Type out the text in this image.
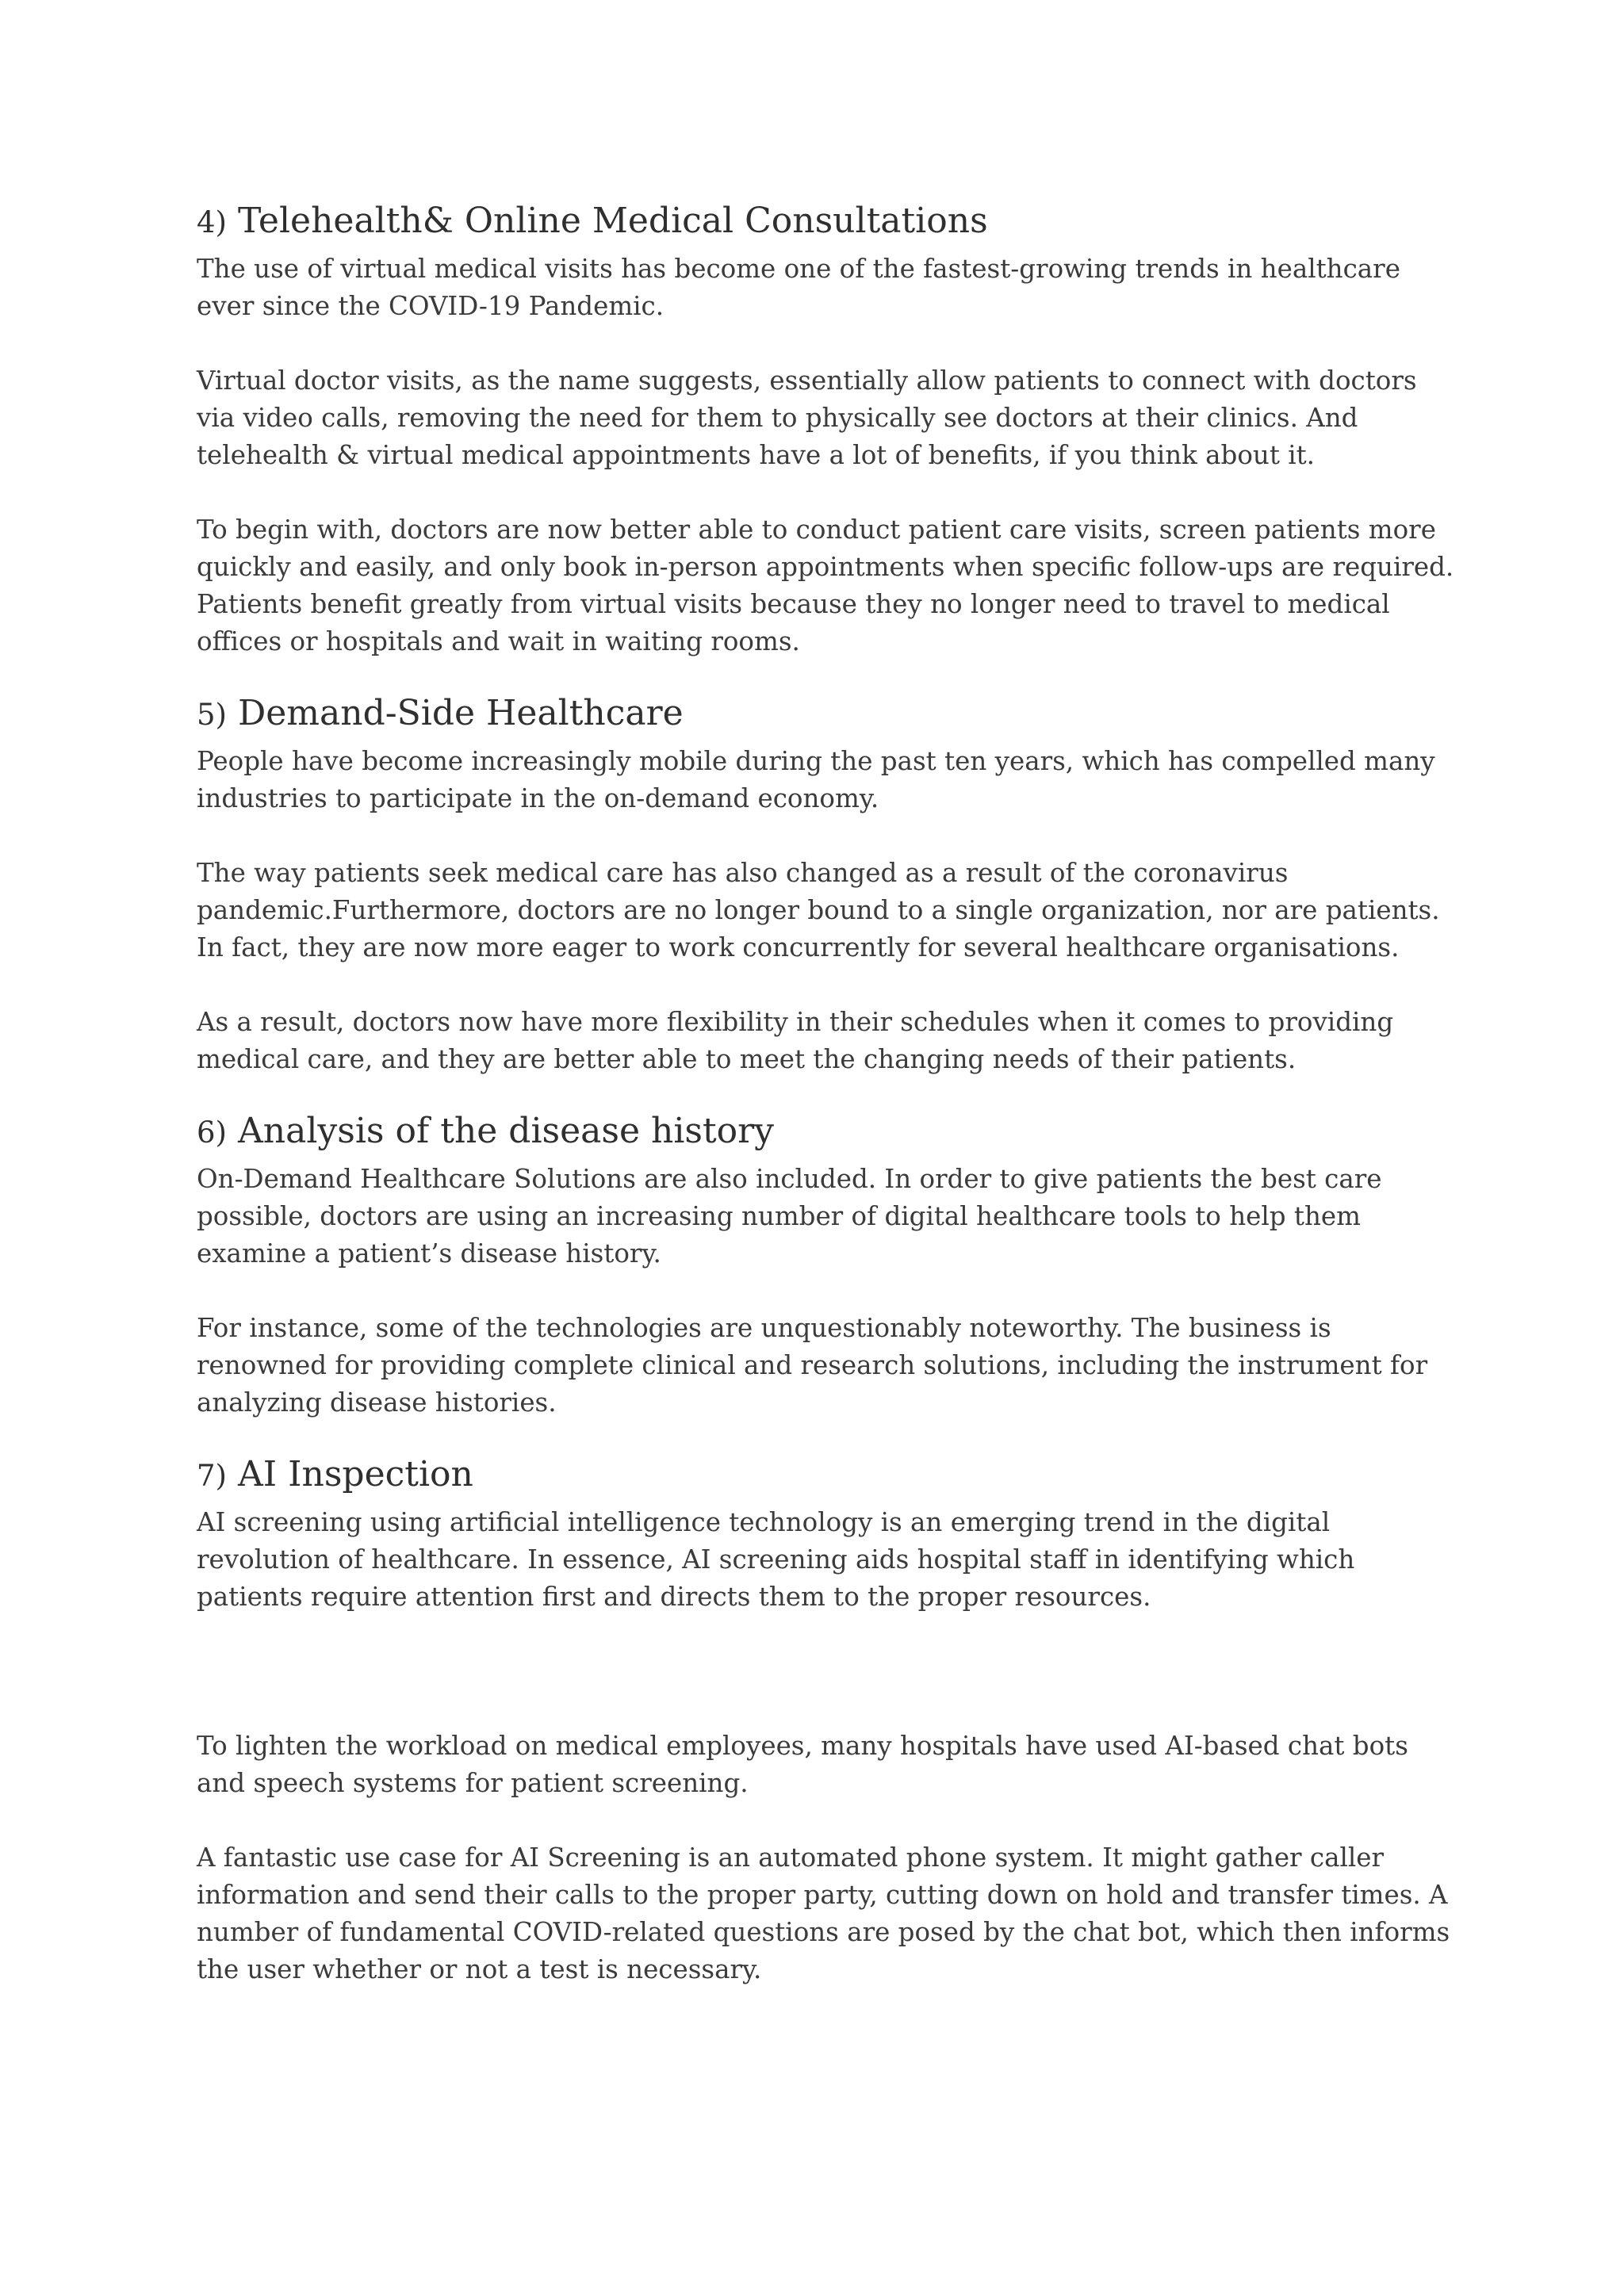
4) Telehealth& Online Medical Consultations

The use of virtual medical visits has become one of the fastest-growing trends in healthcare ever since the COVID-19 Pandemic.

Virtual doctor visits, as the name suggests, essentially allow patients to connect with doctors via video calls, removing the need for them to physically see doctors at their clinics. And telehealth & virtual medical appointments have a lot of benefits, if you think about it.

To begin with, doctors are now better able to conduct patient care visits, screen patients more quickly and easily, and only book in-person appointments when specific follow-ups are required. Patients benefit greatly from virtual visits because they no longer need to travel to medical offices or hospitals and wait in waiting rooms.

5) Demand-Side Healthcare

People have become increasingly mobile during the past ten years, which has compelled many industries to participate in the on-demand economy.

The way patients seek medical care has also changed as a result of the coronavirus pandemic.Furthermore, doctors are no longer bound to a single organization, nor are patients. In fact, they are now more eager to work concurrently for several healthcare organisations.

As a result, doctors now have more flexibility in their schedules when it comes to providing medical care, and they are better able to meet the changing needs of their patients.

6) Analysis of the disease history

On-Demand Healthcare Solutions are also included. In order to give patients the best care possible, doctors are using an increasing number of digital healthcare tools to help them examine a patient’s disease history.

For instance, some of the technologies are unquestionably noteworthy. The business is renowned for providing complete clinical and research solutions, including the instrument for analyzing disease histories.

7) AI Inspection

AI screening using artificial intelligence technology is an emerging trend in the digital revolution of healthcare. In essence, AI screening aids hospital staff in identifying which patients require attention first and directs them to the proper resources.

To lighten the workload on medical employees, many hospitals have used AI-based chat bots and speech systems for patient screening.

A fantastic use case for AI Screening is an automated phone system. It might gather caller information and send their calls to the proper party, cutting down on hold and transfer times. A number of fundamental COVID-related questions are posed by the chat bot, which then informs the user whether or not a test is necessary.
